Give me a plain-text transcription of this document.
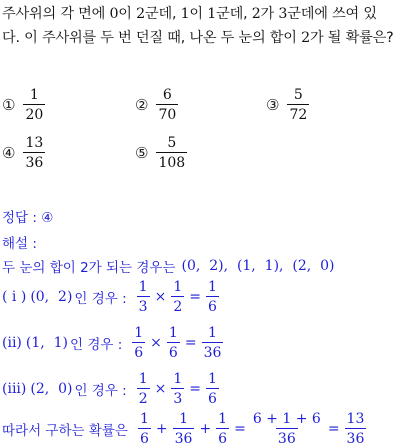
주사위의 각 면에 0이 2군데, 1이 1군데, 2가 3군데에 쓰여 있
다. 이 주사위를 두 번 던질 때, 나온 두 눈의 합이 2가 될 확률은?
① $\frac{1}{20}$	② $\frac{6}{70}$	③ $\frac{5}{72}$
④ $\frac{13}{36}$	⑤ $\frac{5}{108}$
정답 : ④
해설 :
두 눈의 합이 2가 되는 경우는 (0,  2),  (1,  1),  (2,  0)
( i ) (0,  2) 인 경우 : $\frac{1}{3} \times \frac{1}{2} = \frac{1}{6}$
(ii) (1,  1) 인 경우 : $\frac{1}{6} \times \frac{1}{6} = \frac{1}{36}$
(iii) (2,  0) 인 경우 : $\frac{1}{2} \times \frac{1}{3} = \frac{1}{6}$
따라서 구하는 확률은 $\frac{1}{6} + \frac{1}{36} + \frac{1}{6} = \frac{6 + 1 + 6}{36} = \frac{13}{36}$
